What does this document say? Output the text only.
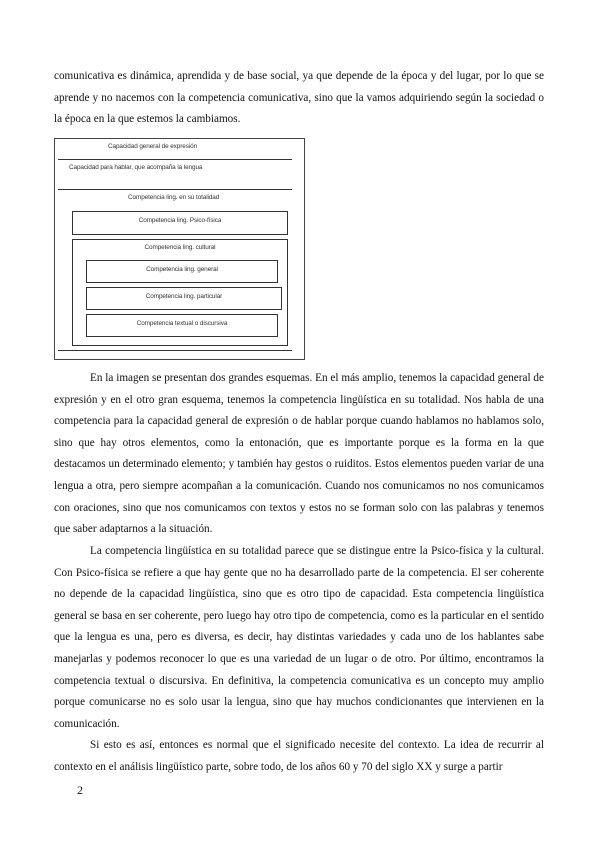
comunicativa es dinámica, aprendida y de base social, ya que depende de la época y del lugar, por lo que se aprende y no nacemos con la competencia comunicativa, sino que la vamos adquiriendo según la sociedad o la época en la que estemos la cambiamos.

Capacidad general de expresión
Capacidad para hablar, que acompaña la lengua
Competencia ling. en su totalidad
Competencia ling. Psico-física
Competencia ling. cultural
Competencia ling. general
Competencia ling. particular
Competencia textual o discursiva

En la imagen se presentan dos grandes esquemas. En el más amplio, tenemos la capacidad general de expresión y en el otro gran esquema, tenemos la competencia lingüística en su totalidad. Nos habla de una competencia para la capacidad general de expresión o de hablar porque cuando hablamos no hablamos solo, sino que hay otros elementos, como la entonación, que es importante porque es la forma en la que destacamos un determinado elemento; y también hay gestos o ruiditos. Estos elementos pueden variar de una lengua a otra, pero siempre acompañan a la comunicación. Cuando nos comunicamos no nos comunicamos con oraciones, sino que nos comunicamos con textos y estos no se forman solo con las palabras y tenemos que saber adaptarnos a la situación.

La competencia lingüística en su totalidad parece que se distingue entre la Psico-física y la cultural. Con Psico-física se refiere a que hay gente que no ha desarrollado parte de la competencia. El ser coherente no depende de la capacidad lingüística, sino que es otro tipo de capacidad. Esta competencia lingüística general se basa en ser coherente, pero luego hay otro tipo de competencia, como es la particular en el sentido que la lengua es una, pero es diversa, es decir, hay distintas variedades y cada uno de los hablantes sabe manejarlas y podemos reconocer lo que es una variedad de un lugar o de otro. Por último, encontramos la competencia textual o discursiva. En definitiva, la competencia comunicativa es un concepto muy amplio porque comunicarse no es solo usar la lengua, sino que hay muchos condicionantes que intervienen en la comunicación.

Si esto es así, entonces es normal que el significado necesite del contexto. La idea de recurrir al contexto en el análisis lingüístico parte, sobre todo, de los años 60 y 70 del siglo XX y surge a partir

2
